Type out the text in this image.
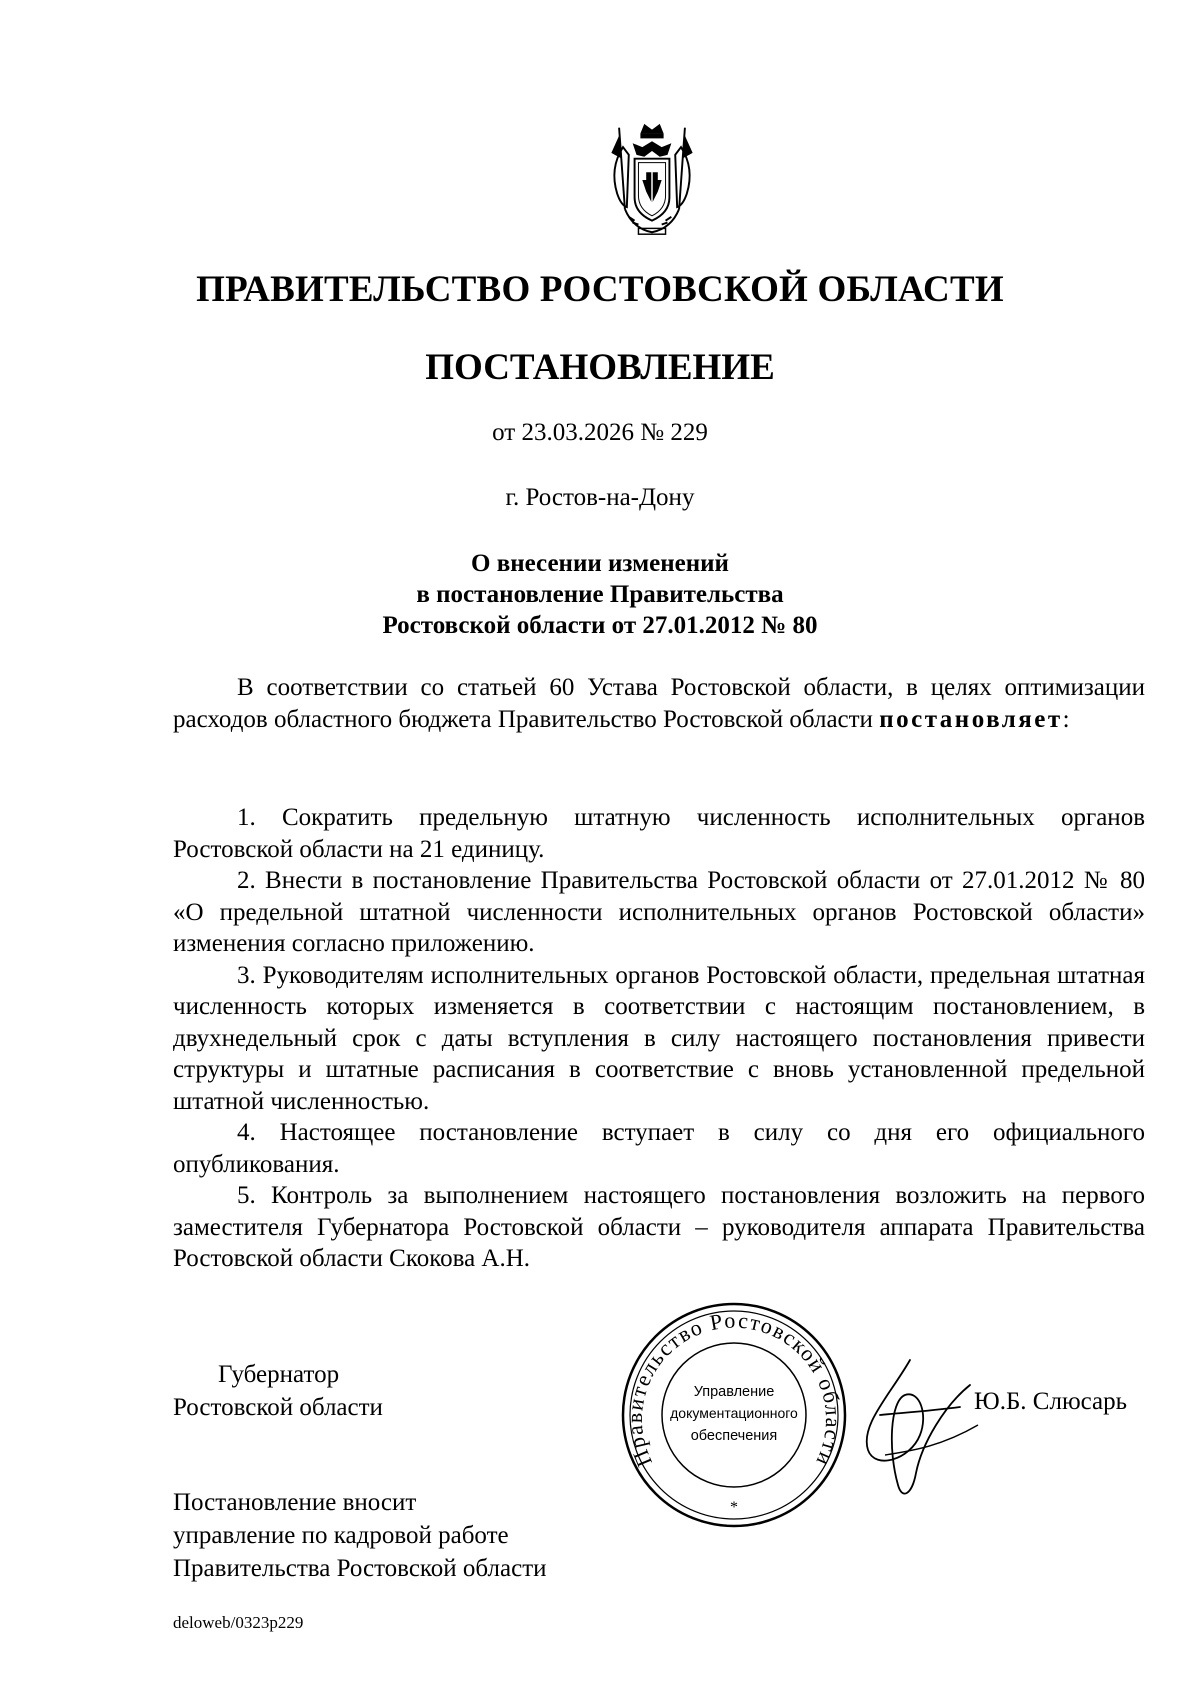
ПРАВИТЕЛЬСТВО РОСТОВСКОЙ ОБЛАСТИ
ПОСТАНОВЛЕНИЕ
от 23.03.2026 № 229
г. Ростов-на-Дону
О внесении изменений
в постановление Правительства
Ростовской области от 27.01.2012 № 80

В соответствии со статьей 60 Устава Ростовской области, в целях оптимизации расходов областного бюджета Правительство Ростовской области постановляет:

1. Сократить предельную штатную численность исполнительных органов Ростовской области на 21 единицу.

2. Внести в постановление Правительства Ростовской области от 27.01.2012 № 80 «О предельной штатной численности исполнительных органов Ростовской области» изменения согласно приложению.

3. Руководителям исполнительных органов Ростовской области, предельная штатная численность которых изменяется в соответствии с настоящим постановлением, в двухнедельный срок с даты вступления в силу настоящего постановления привести структуры и штатные расписания в соответствие с вновь установленной предельной штатной численностью.

4. Настоящее постановление вступает в силу со дня его официального опубликования.

5. Контроль за выполнением настоящего постановления возложить на первого заместителя Губернатора Ростовской области – руководителя аппарата Правительства Ростовской области Скокова А.Н.

Губернатор
Ростовской области
Правительство Ростовской области
Управление
документационного
обеспечения
*
Ю.Б. Слюсарь
Постановление вносит
управление по кадровой работе
Правительства Ростовской области
deloweb/0323p229
